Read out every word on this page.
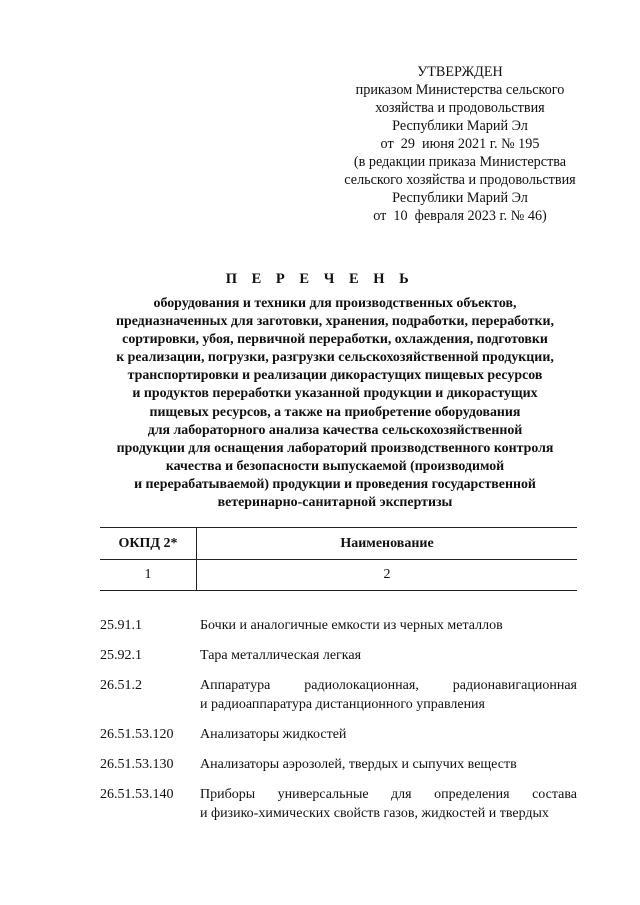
УТВЕРЖДЕН
приказом Министерства сельского
хозяйства и продовольствия
Республики Марий Эл
от  29  июня 2021 г. № 195
(в редакции приказа Министерства
сельского хозяйства и продовольствия
Республики Марий Эл
от  10  февраля 2023 г. № 46)
П Е Р Е Ч Е Н Ь
оборудования и техники для производственных объектов,
предназначенных для заготовки, хранения, подработки, переработки,
сортировки, убоя, первичной переработки, охлаждения, подготовки
к реализации, погрузки, разгрузки сельскохозяйственной продукции,
транспортировки и реализации дикорастущих пищевых ресурсов
и продуктов переработки указанной продукции и дикорастущих
пищевых ресурсов, а также на приобретение оборудования
для лабораторного анализа качества сельскохозяйственной
продукции для оснащения лабораторий производственного контроля
качества и безопасности выпускаемой (производимой
и перерабатываемой) продукции и проведения государственной
ветеринарно-санитарной экспертизы
ОКПД 2*	Наименование
1	2
25.91.1	Бочки и аналогичные емкости из черных металлов
25.92.1	Тара металлическая легкая
26.51.2	Аппаратура радиолокационная, радионавигационная
и радиоаппаратура дистанционного управления
26.51.53.120	Анализаторы жидкостей
26.51.53.130	Анализаторы аэрозолей, твердых и сыпучих веществ
26.51.53.140	Приборы универсальные для определения состава
и физико-химических свойств газов, жидкостей и твердых
